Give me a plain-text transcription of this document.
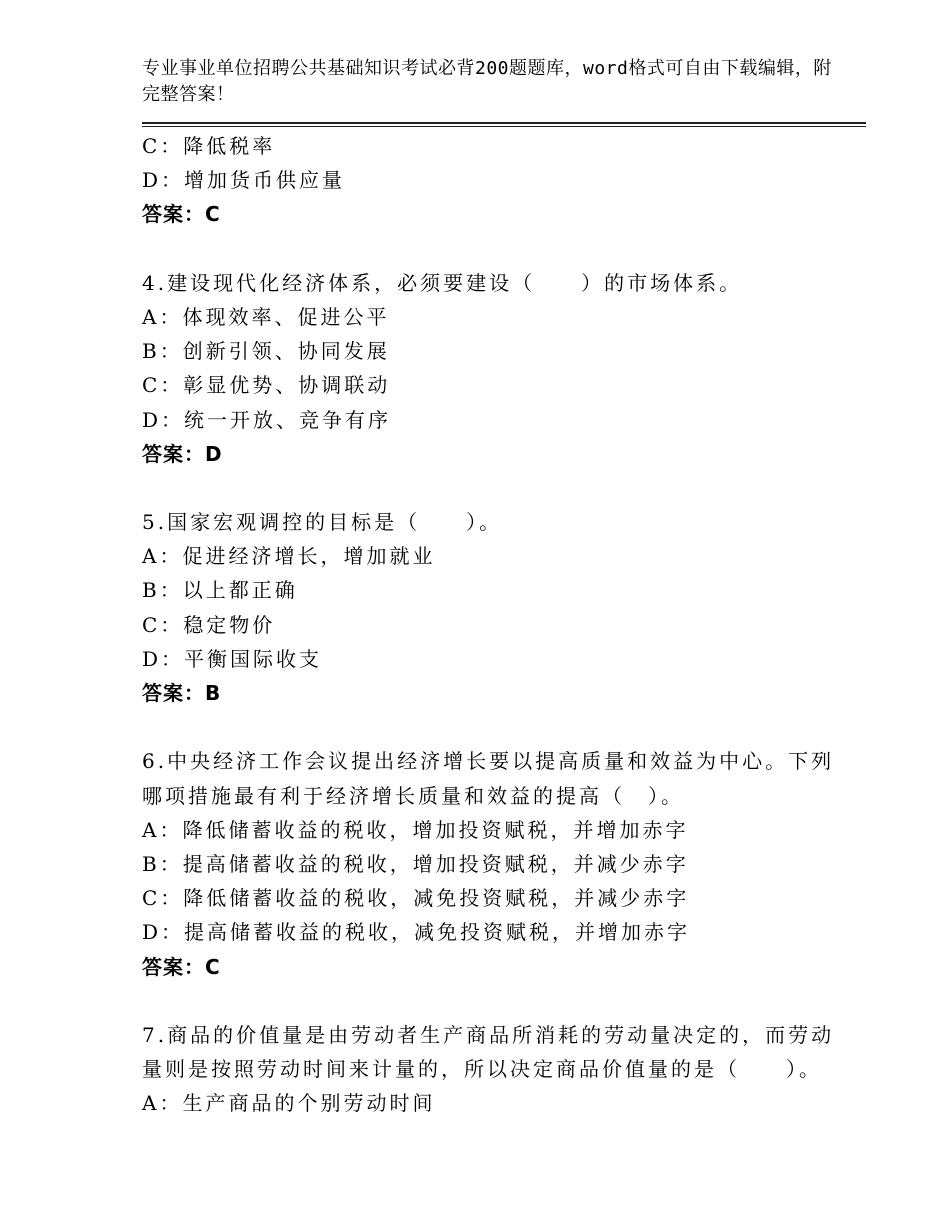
专业事业单位招聘公共基础知识考试必背200题题库，word格式可自由下载编辑，附完整答案！
C：降低税率
D：增加货币供应量
答案：C
4.建设现代化经济体系，必须要建设（　　）的市场体系。
A：体现效率、促进公平
B：创新引领、协同发展
C：彰显优势、协调联动
D：统一开放、竞争有序
答案：D
5.国家宏观调控的目标是（　　）。
A：促进经济增长，增加就业
B：以上都正确
C：稳定物价
D：平衡国际收支
答案：B
6.中央经济工作会议提出经济增长要以提高质量和效益为中心。下列
哪项措施最有利于经济增长质量和效益的提高（　）。
A：降低储蓄收益的税收，增加投资赋税，并增加赤字
B：提高储蓄收益的税收，增加投资赋税，并减少赤字
C：降低储蓄收益的税收，减免投资赋税，并减少赤字
D：提高储蓄收益的税收，减免投资赋税，并增加赤字
答案：C
7.商品的价值量是由劳动者生产商品所消耗的劳动量决定的，而劳动
量则是按照劳动时间来计量的，所以决定商品价值量的是（　　）。
A：生产商品的个别劳动时间
